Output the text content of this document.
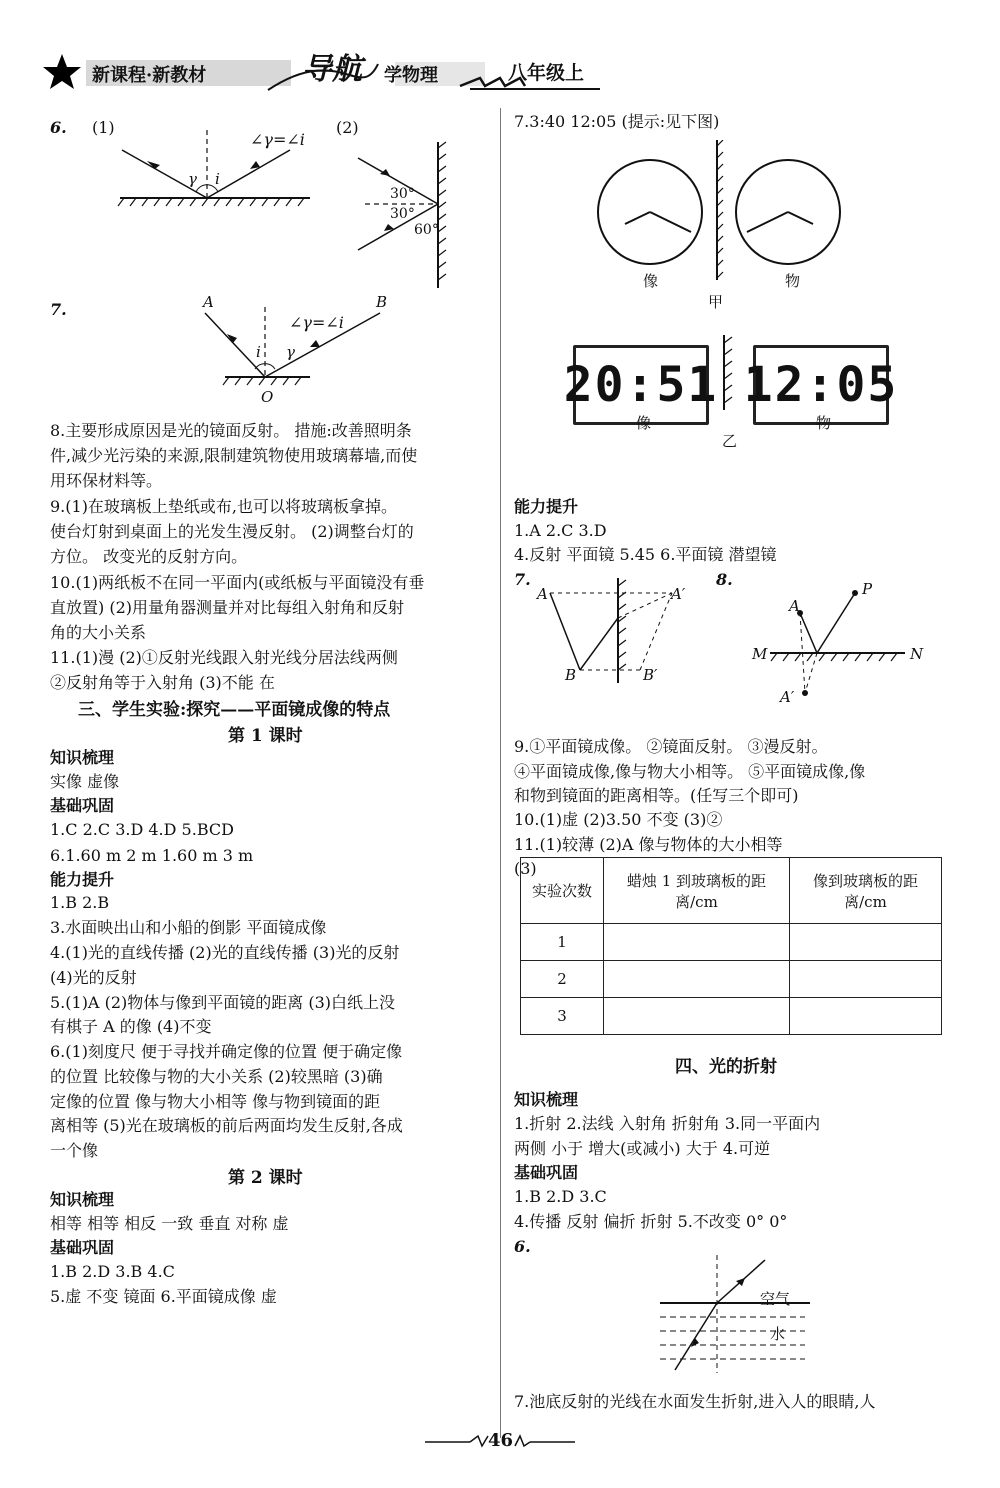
新课程·新教材	导航 学物理	八年级上
6. (1)
∠γ=∠i
γ i
(2)
30°
30°
60°
7.	A	B
O
∠γ=∠i
i γ
8.主要形成原因是光的镜面反射。 措施:改善照明条
件,减少光污染的来源,限制建筑物使用玻璃幕墙,而使
用环保材料等。
9.(1)在玻璃板上垫纸或布,也可以将玻璃板拿掉。
使台灯射到桌面上的光发生漫反射。 (2)调整台灯的
方位。 改变光的反射方向。
10.(1)两纸板不在同一平面内(或纸板与平面镜没有垂
直放置) (2)用量角器测量并对比每组入射角和反射
角的大小关系
11.(1)漫 (2)①反射光线跟入射光线分居法线两侧
②反射角等于入射角 (3)不能 在
三、学生实验:探究——平面镜成像的特点
第 1 课时
知识梳理
实像 虚像
基础巩固
1.C 2.C 3.D 4.D 5.BCD
6.1.60 m 2 m 1.60 m 3 m
能力提升
1.B 2.B
3.水面映出山和小船的倒影 平面镜成像
4.(1)光的直线传播 (2)光的直线传播 (3)光的反射
(4)光的反射
5.(1)A (2)物体与像到平面镜的距离 (3)白纸上没
有棋子 A 的像 (4)不变
6.(1)刻度尺 便于寻找并确定像的位置 便于确定像
的位置 比较像与物的大小关系 (2)较黑暗 (3)确
定像的位置 像与物大小相等 像与物到镜面的距
离相等 (5)光在玻璃板的前后两面均发生反射,各成
一个像
第 2 课时
知识梳理
相等 相等 相反 一致 垂直 对称 虚
基础巩固
1.B 2.D 3.B 4.C
5.虚 不变 镜面 6.平面镜成像 虚
7.3:40 12:05 (提示:见下图)
像	物
甲
20:51 12:05
像	物
乙
能力提升
1.A 2.C 3.D
4.反射 平面镜 5.45 6.平面镜 潜望镜
7.
A	A′
B	B′
8.
A
P
M	N
A′
9.①平面镜成像。 ②镜面反射。 ③漫反射。
④平面镜成像,像与物大小相等。 ⑤平面镜成像,像
和物到镜面的距离相等。(任写三个即可)
10.(1)虚 (2)3.50 不变 (3)②
11.(1)较薄 (2)A 像与物体的大小相等
(3)
实验次数	蜡烛 1 到玻璃板的距离/cm	像到玻璃板的距离/cm
1		
2		
3		
四、光的折射
知识梳理
1.折射 2.法线 入射角 折射角 3.同一平面内
两侧 小于 增大(或减小) 大于 4.可逆
基础巩固
1.B 2.D 3.C
4.传播 反射 偏折 折射 5.不改变 0° 0°
6.
空气
水
7.池底反射的光线在水面发生折射,进入人的眼睛,人
46
